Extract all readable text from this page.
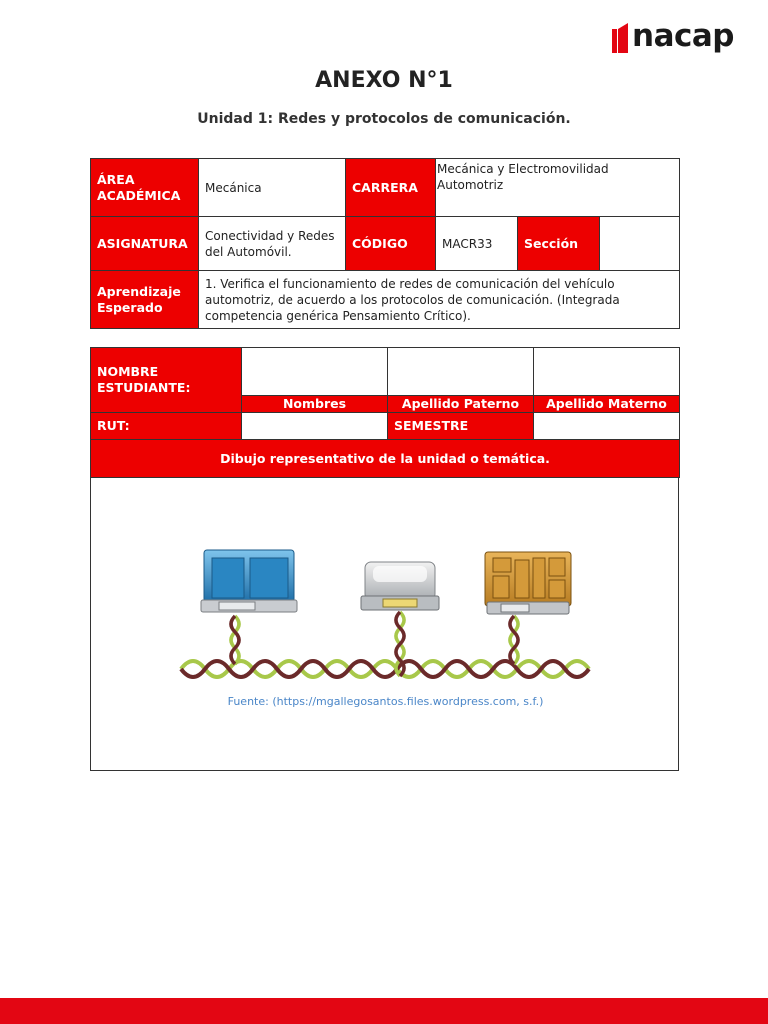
nacap
ANEXO N°1
Unidad 1: Redes y protocolos de comunicación.
ÁREA ACADÉMICA	Mecánica	CARRERA	Mecánica y Electromovilidad Automotriz		
ASIGNATURA	Conectividad y Redes del Automóvil.	CÓDIGO	MACR33	Sección	
Aprendizaje Esperado	1. Verifica el funcionamiento de redes de comunicación del vehículo automotriz, de acuerdo a los protocolos de comunicación. (Integrada competencia genérica Pensamiento Crítico).				
NOMBRE ESTUDIANTE:			
	Nombres	Apellido Paterno	Apellido Materno
RUT:		SEMESTRE	
Dibujo representativo de la unidad o temática.			
Fuente: (https://mgallegosantos.files.wordpress.com, s.f.)
